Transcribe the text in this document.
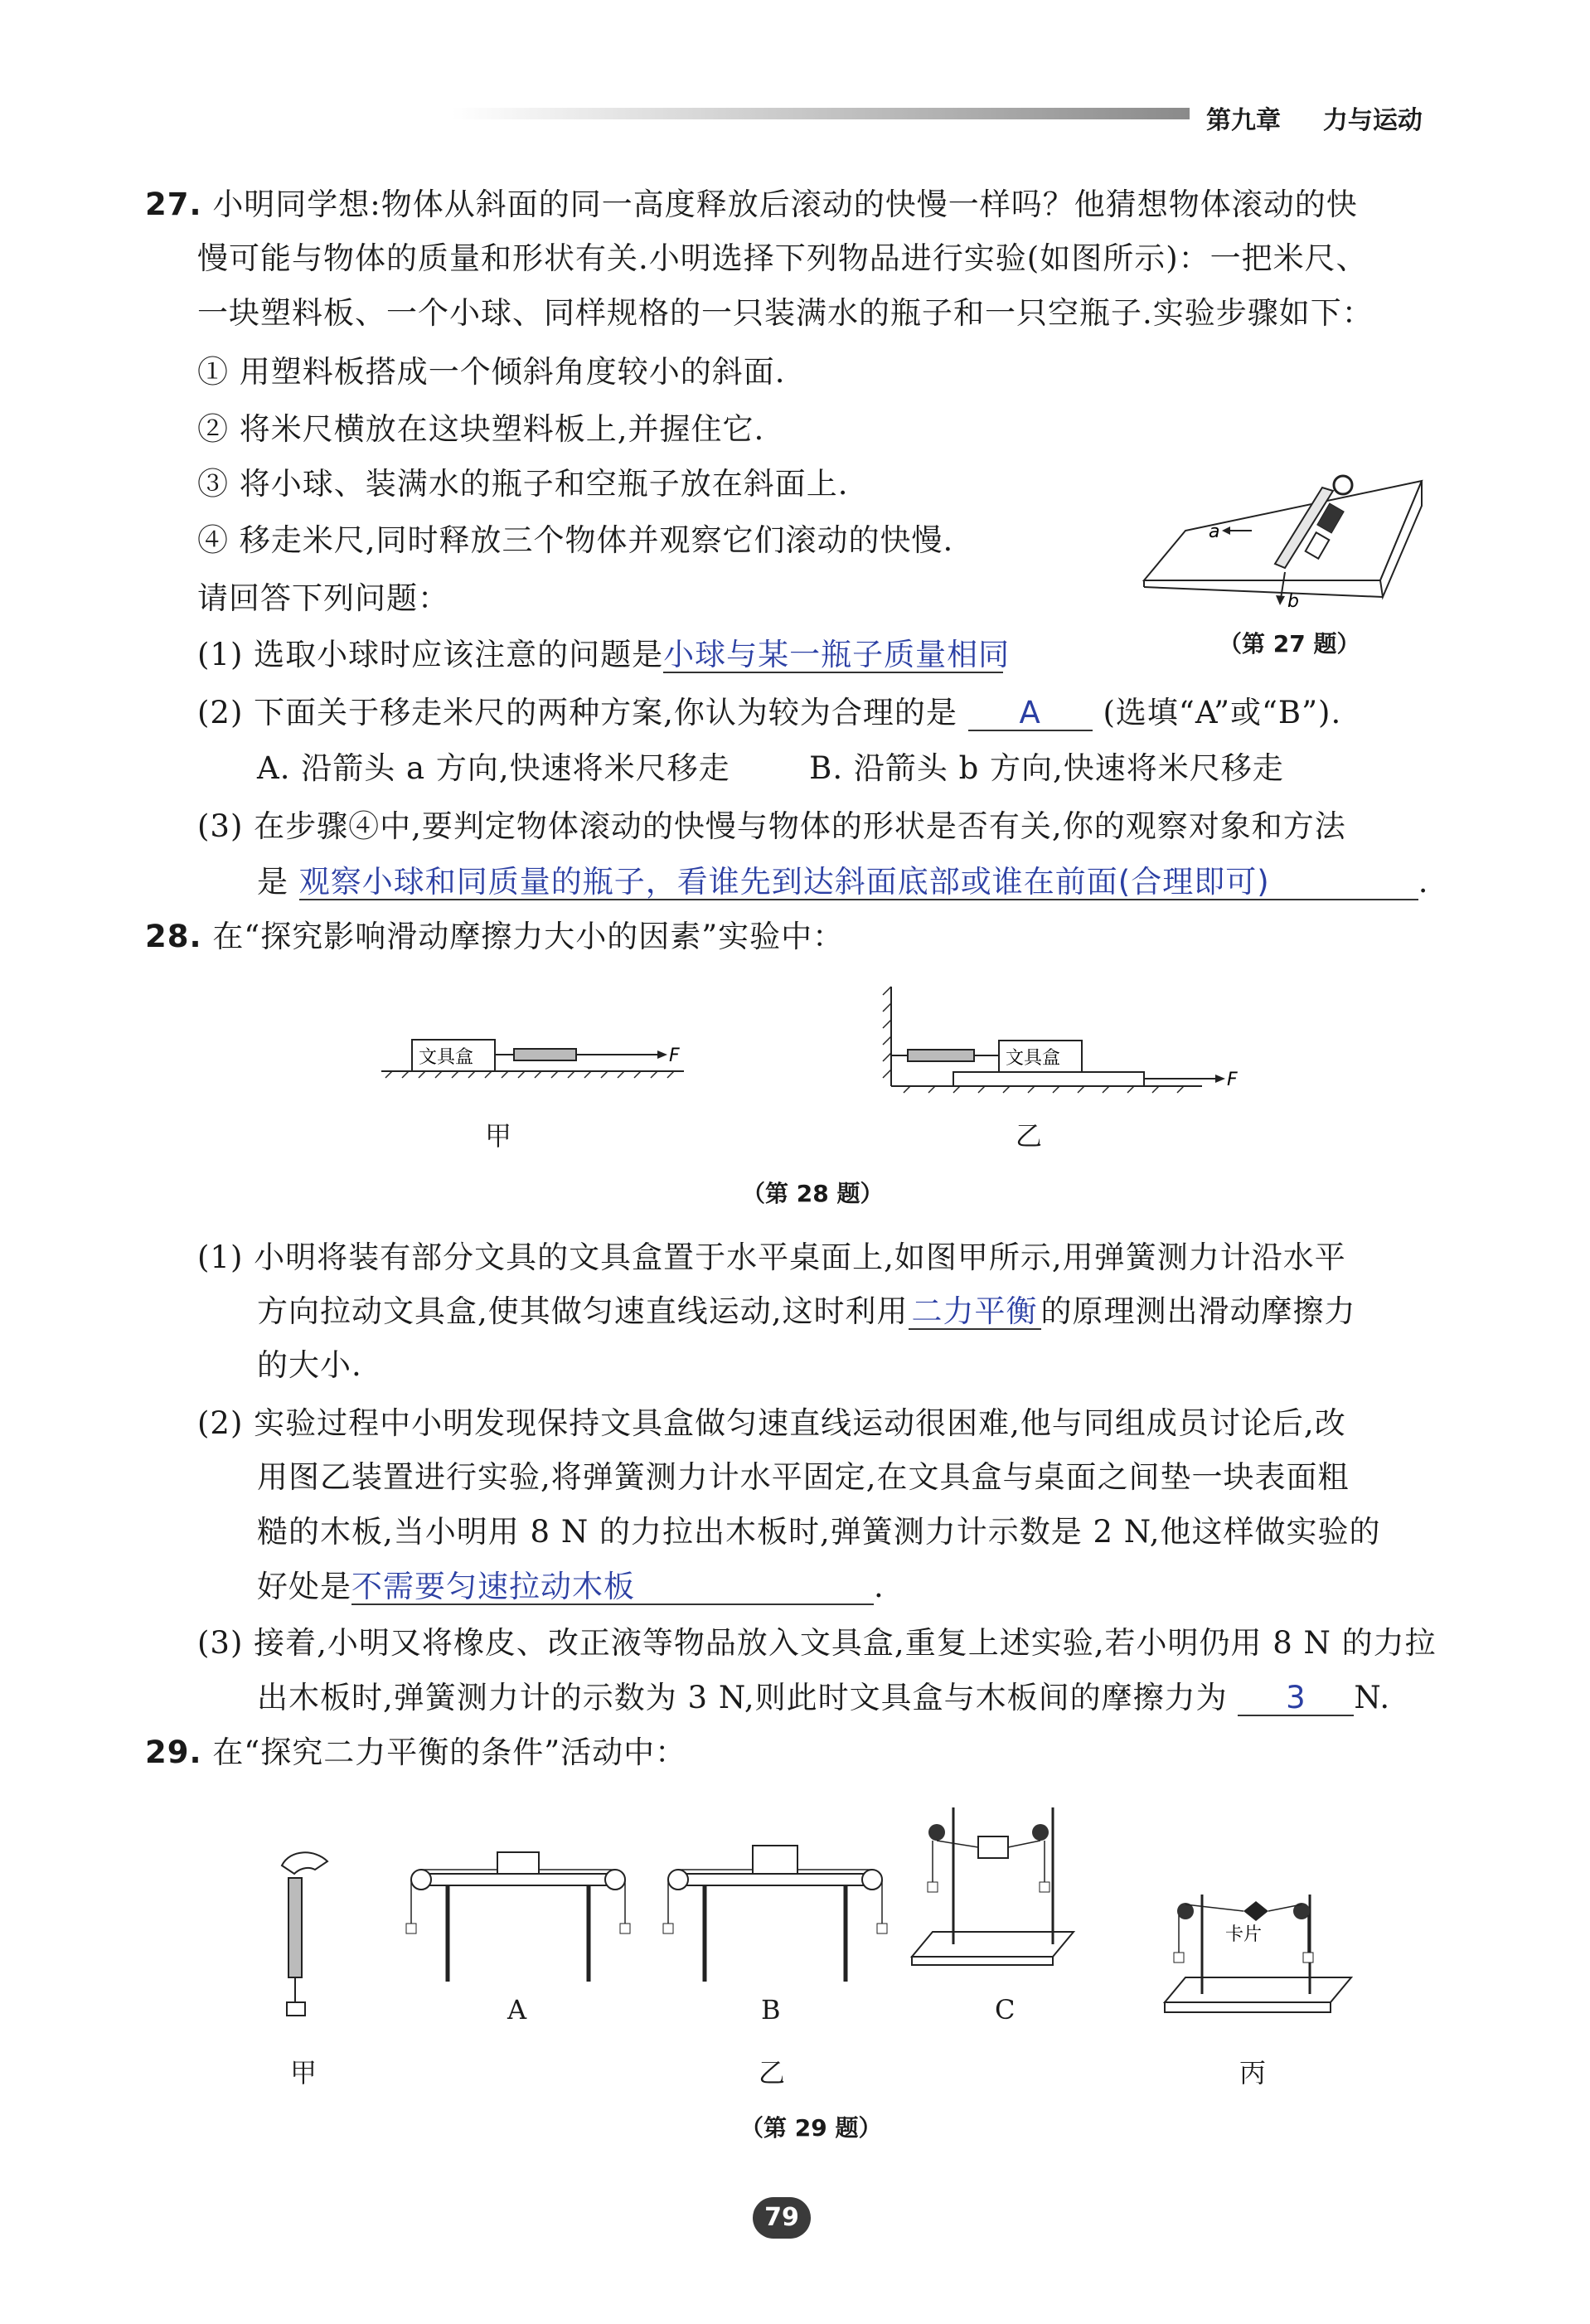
第九章 力与运动
27. 小明同学想:物体从斜面的同一高度释放后滚动的快慢一样吗？他猜想物体滚动的快
慢可能与物体的质量和形状有关.小明选择下列物品进行实验(如图所示)：一把米尺、
一块塑料板、一个小球、同样规格的一只装满水的瓶子和一只空瓶子.实验步骤如下：
① 用塑料板搭成一个倾斜角度较小的斜面.
② 将米尺横放在这块塑料板上,并握住它.
③ 将小球、装满水的瓶子和空瓶子放在斜面上.
④ 移走米尺,同时释放三个物体并观察它们滚动的快慢.
请回答下列问题：
a
b
（第 27 题）
(1) 选取小球时应该注意的问题是小球与某一瓶子质量相同
(2) 下面关于移走米尺的两种方案,你认为较为合理的是 A (选填“A”或“B”).
A. 沿箭头 a 方向,快速将米尺移走	B. 沿箭头 b 方向,快速将米尺移走
(3) 在步骤④中,要判定物体滚动的快慢与物体的形状是否有关,你的观察对象和方法
是 观察小球和同质量的瓶子，看谁先到达斜面底部或谁在前面(合理即可)	.
28. 在“探究影响滑动摩擦力大小的因素”实验中：
文具盒	F
甲
文具盒
F
乙
（第 28 题）
(1) 小明将装有部分文具的文具盒置于水平桌面上,如图甲所示,用弹簧测力计沿水平
方向拉动文具盒,使其做匀速直线运动,这时利用 二力平衡 的原理测出滑动摩擦力
的大小.
(2) 实验过程中小明发现保持文具盒做匀速直线运动很困难,他与同组成员讨论后,改
用图乙装置进行实验,将弹簧测力计水平固定,在文具盒与桌面之间垫一块表面粗
糙的木板,当小明用 8 N 的力拉出木板时,弹簧测力计示数是 2 N,他这样做实验的
好处是不需要匀速拉动木板	.
(3) 接着,小明又将橡皮、改正液等物品放入文具盒,重复上述实验,若小明仍用 8 N 的力拉
出木板时,弹簧测力计的示数为 3 N,则此时文具盒与木板间的摩擦力为 3 N.
29. 在“探究二力平衡的条件”活动中：
A	B	C
卡片
甲	乙	丙
（第 29 题）
79
